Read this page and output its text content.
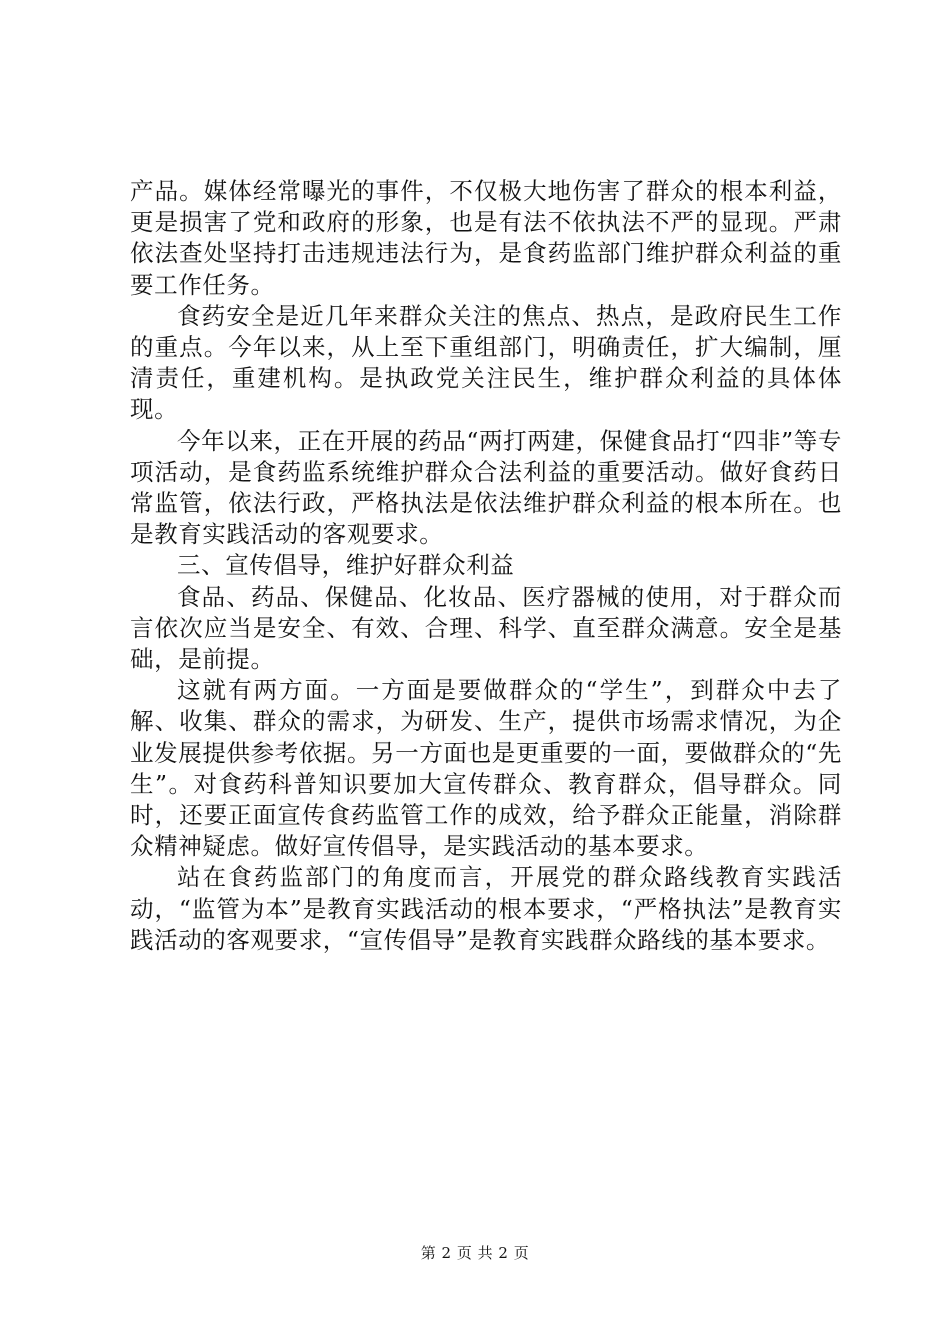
产品。媒体经常曝光的事件，不仅极大地伤害了群众的根本利益，更是损害了党和政府的形象，也是有法不依执法不严的显现。严肃依法查处坚持打击违规违法行为，是食药监部门维护群众利益的重要工作任务。

食药安全是近几年来群众关注的焦点、热点，是政府民生工作的重点。今年以来，从上至下重组部门，明确责任，扩大编制，厘清责任，重建机构。是执政党关注民生，维护群众利益的具体体现。

今年以来，正在开展的药品“两打两建，保健食品打“四非”等专项活动，是食药监系统维护群众合法利益的重要活动。做好食药日常监管，依法行政，严格执法是依法维护群众利益的根本所在。也是教育实践活动的客观要求。

三、宣传倡导，维护好群众利益

食品、药品、保健品、化妆品、医疗器械的使用，对于群众而言依次应当是安全、有效、合理、科学、直至群众满意。安全是基础，是前提。

这就有两方面。一方面是要做群众的“学生”，到群众中去了解、收集、群众的需求，为研发、生产，提供市场需求情况，为企业发展提供参考依据。另一方面也是更重要的一面，要做群众的“先生”。对食药科普知识要加大宣传群众、教育群众，倡导群众。同时，还要正面宣传食药监管工作的成效，给予群众正能量，消除群众精神疑虑。做好宣传倡导，是实践活动的基本要求。

站在食药监部门的角度而言，开展党的群众路线教育实践活动，“监管为本”是教育实践活动的根本要求，“严格执法”是教育实践活动的客观要求，“宣传倡导”是教育实践群众路线的基本要求。

第 2 页 共 2 页
